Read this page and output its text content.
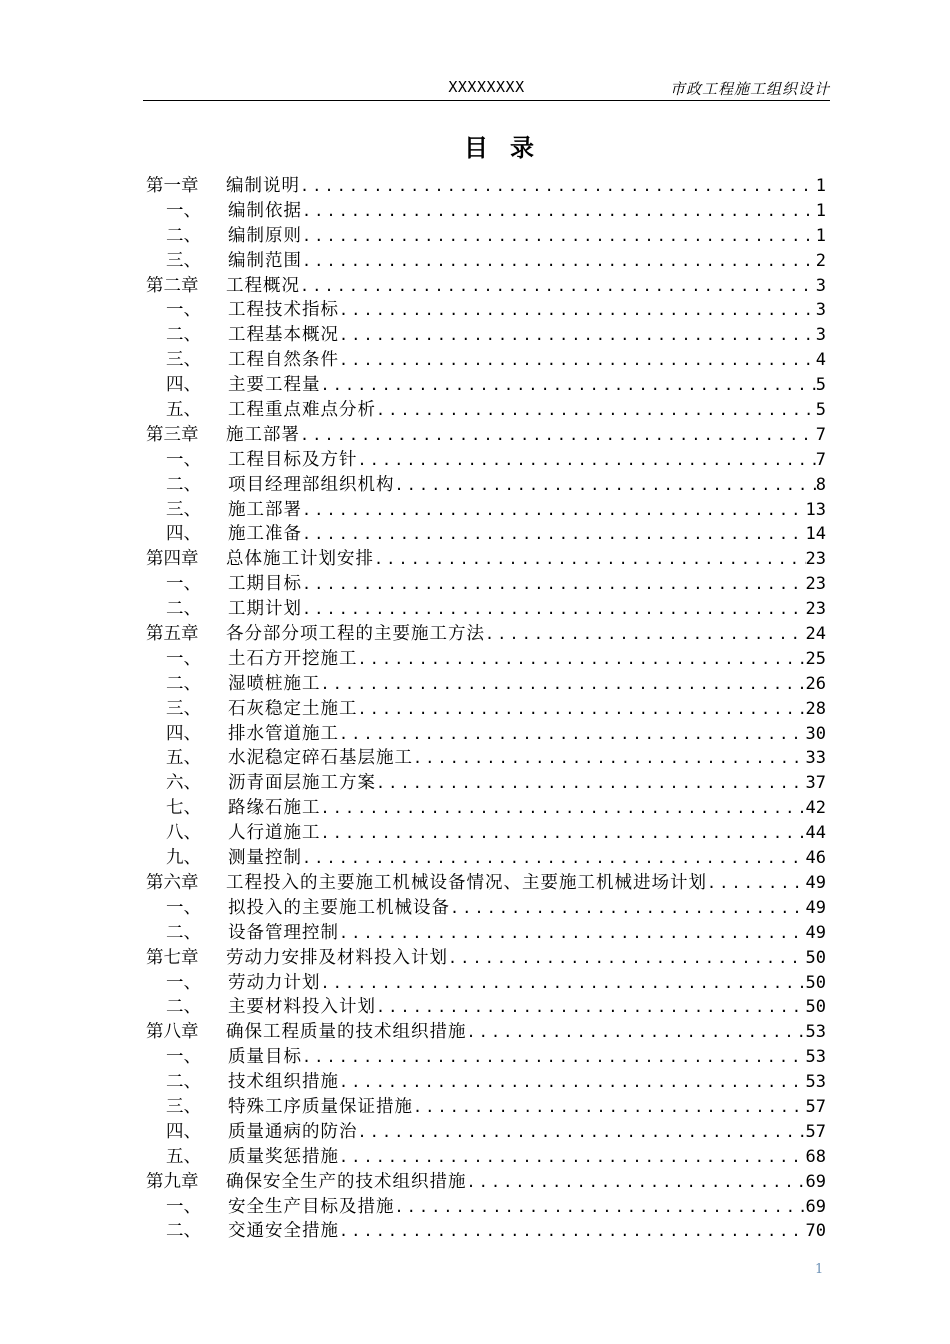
XXXXXXXX	市政工程施工组织设计
目录
第一章	编制说明 .....	1
一、	编制依据 .....	1
二、	编制原则 .....	1
三、	编制范围 .....	2
第二章	工程概况 .....	3
一、	工程技术指标 .....	3
二、	工程基本概况 .....	3
三、	工程自然条件 .....	4
四、	主要工程量 .....	5
五、	工程重点难点分析 .....	5
第三章	施工部署 .....	7
一、	工程目标及方针 .....	7
二、	项目经理部组织机构 .....	8
三、	施工部署 .....	13
四、	施工准备 .....	14
第四章	总体施工计划安排 .....	23
一、	工期目标 .....	23
二、	工期计划 .....	23
第五章	各分部分项工程的主要施工方法 .....	24
一、	土石方开挖施工 .....	25
二、	湿喷桩施工 .....	26
三、	石灰稳定土施工 .....	28
四、	排水管道施工 .....	30
五、	水泥稳定碎石基层施工 .....	33
六、	沥青面层施工方案 .....	37
七、	路缘石施工 .....	42
八、	人行道施工 .....	44
九、	测量控制 .....	46
第六章	工程投入的主要施工机械设备情况、主要施工机械进场计划 .....	49
一、	拟投入的主要施工机械设备 .....	49
二、	设备管理控制 .....	49
第七章	劳动力安排及材料投入计划 .....	50
一、	劳动力计划 .....	50
二、	主要材料投入计划 .....	50
第八章	确保工程质量的技术组织措施 .....	53
一、	质量目标 .....	53
二、	技术组织措施 .....	53
三、	特殊工序质量保证措施 .....	57
四、	质量通病的防治 .....	57
五、	质量奖惩措施 .....	68
第九章	确保安全生产的技术组织措施 .....	69
一、	安全生产目标及措施 .....	69
二、	交通安全措施 .....	70
1
